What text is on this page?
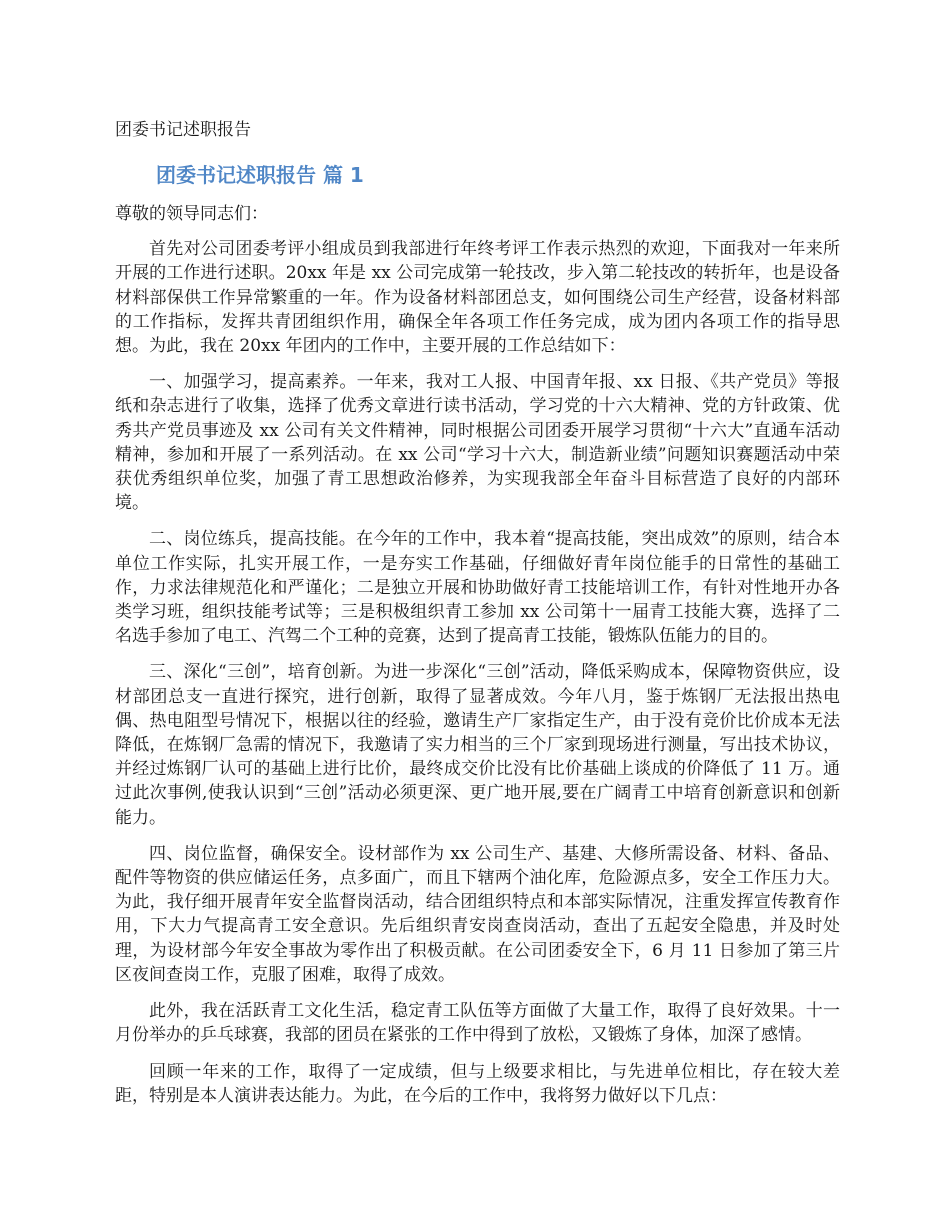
团委书记述职报告
团委书记述职报告 篇 1
尊敬的领导同志们：

首先对公司团委考评小组成员到我部进行年终考评工作表示热烈的欢迎，下面我对一年来所开展的工作进行述职。20xx 年是 xx 公司完成第一轮技改，步入第二轮技改的转折年，也是设备材料部保供工作异常繁重的一年。作为设备材料部团总支，如何围绕公司生产经营，设备材料部的工作指标，发挥共青团组织作用，确保全年各项工作任务完成，成为团内各项工作的指导思想。为此，我在 20xx 年团内的工作中，主要开展的工作总结如下：

一、加强学习，提高素养。一年来，我对工人报、中国青年报、xx 日报、《共产党员》等报纸和杂志进行了收集，选择了优秀文章进行读书活动，学习党的十六大精神、党的方针政策、优秀共产党员事迹及 xx 公司有关文件精神，同时根据公司团委开展学习贯彻“十六大”直通车活动精神，参加和开展了一系列活动。在 xx 公司“学习十六大，制造新业绩”问题知识赛题活动中荣获优秀组织单位奖，加强了青工思想政治修养，为实现我部全年奋斗目标营造了良好的内部环境。

二、岗位练兵，提高技能。在今年的工作中，我本着“提高技能，突出成效”的原则，结合本单位工作实际，扎实开展工作，一是夯实工作基础，仔细做好青年岗位能手的日常性的基础工作，力求法律规范化和严谨化；二是独立开展和协助做好青工技能培训工作，有针对性地开办各类学习班，组织技能考试等；三是积极组织青工参加 xx 公司第十一届青工技能大赛，选择了二名选手参加了电工、汽驾二个工种的竞赛，达到了提高青工技能，锻炼队伍能力的目的。

三、深化“三创”，培育创新。为进一步深化“三创”活动，降低采购成本，保障物资供应，设材部团总支一直进行探究，进行创新，取得了显著成效。今年八月，鉴于炼钢厂无法报出热电偶、热电阻型号情况下，根据以往的经验，邀请生产厂家指定生产，由于没有竞价比价成本无法降低，在炼钢厂急需的情况下，我邀请了实力相当的三个厂家到现场进行测量，写出技术协议，并经过炼钢厂认可的基础上进行比价，最终成交价比没有比价基础上谈成的价降低了 11 万。通过此次事例,使我认识到“三创”活动必须更深、更广地开展,要在广阔青工中培育创新意识和创新能力。

四、岗位监督，确保安全。设材部作为 xx 公司生产、基建、大修所需设备、材料、备品、配件等物资的供应储运任务，点多面广，而且下辖两个油化库，危险源点多，安全工作压力大。为此，我仔细开展青年安全监督岗活动，结合团组织特点和本部实际情况，注重发挥宣传教育作用，下大力气提高青工安全意识。先后组织青安岗查岗活动，查出了五起安全隐患，并及时处理，为设材部今年安全事故为零作出了积极贡献。在公司团委安全下，6 月 11 日参加了第三片区夜间查岗工作，克服了困难，取得了成效。

此外，我在活跃青工文化生活，稳定青工队伍等方面做了大量工作，取得了良好效果。十一月份举办的乒乓球赛，我部的团员在紧张的工作中得到了放松，又锻炼了身体，加深了感情。

回顾一年来的工作，取得了一定成绩，但与上级要求相比，与先进单位相比，存在较大差距，特别是本人演讲表达能力。为此，在今后的工作中，我将努力做好以下几点：
